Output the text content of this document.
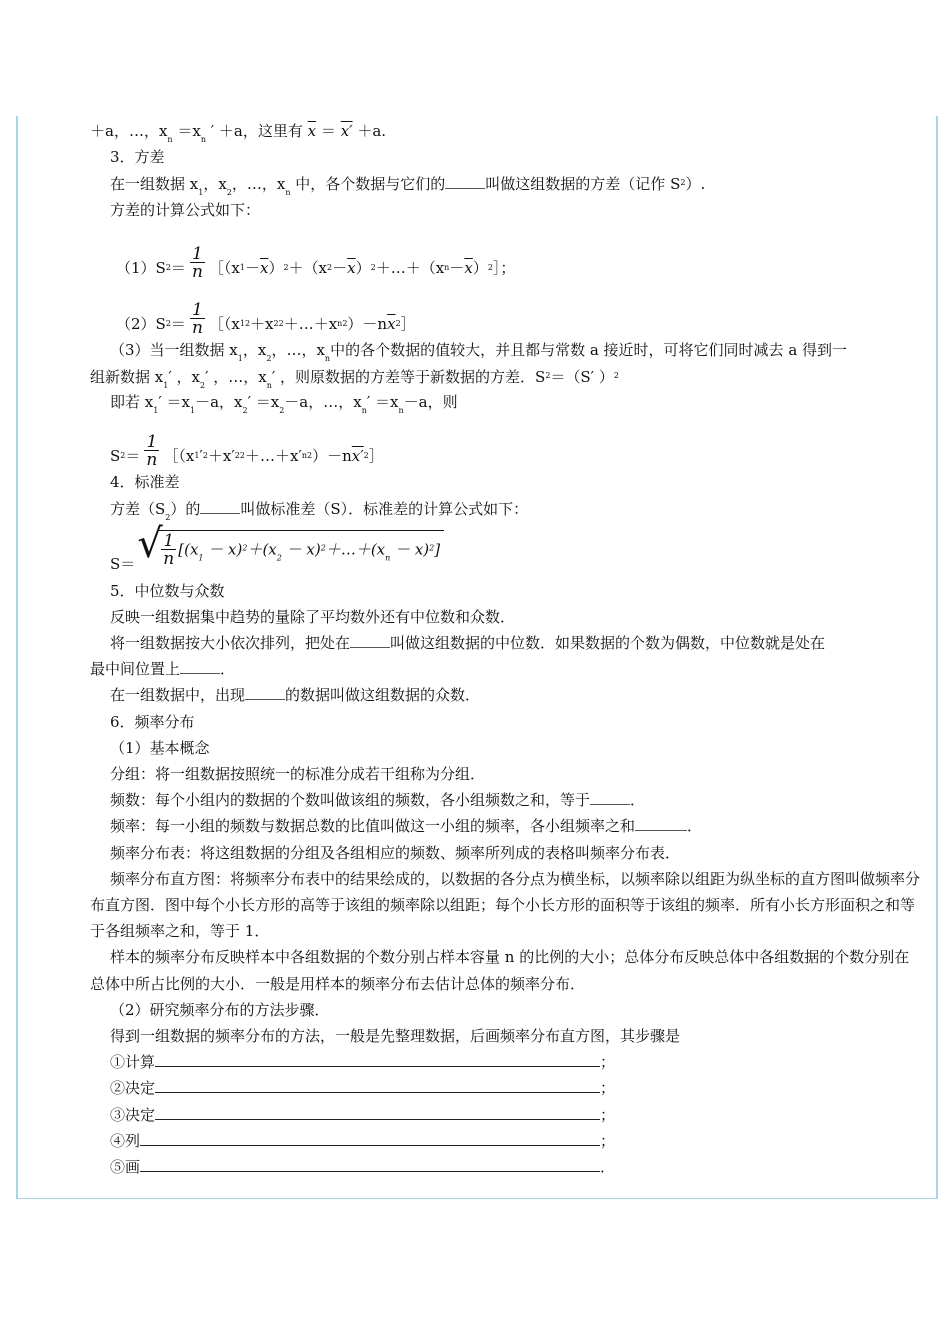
＋a，…，$x_n =x_n$ ′ ＋a，这里有 $\overline{x} = x' +a$.
3．方差
在一组数据 $x_1$，$x_2$，…，$x_n$ 中，各个数据与它们的	叫做这组数据的方差（记作 $S^2$）.
方差的计算公式如下：
（1）S $2 = \frac{1}{n}$ ［（x $1 - \overline{x}$ ） 2 ＋（x $2 - \overline{x}$ ） 2 ＋…＋（x $n - \overline{x}$ ） 2 ］；
（2）S $2 = \frac{1}{n}$ ［（x 1 2 ＋x 2 2 ＋…＋x n 2 ）－n $\overline{x}$ 2 ］
（3）当一组数据 $x_1$，$x_2$，…，$x_n$中的各个数据的值较大，并且都与常数 a 接近时，可将它们同时减去 a 得到一
组新数据 $x_1'$ ，$x_2'$ ，…，$x_n'$ ，则原数据的方差等于新数据的方差．$S^2=(S'$ ）$^2$
即若 $x_1' =x_1-a$，$x_2' =x_2-a$，…，$x_n' =x_n-a$，则
S $2 = \frac{1}{n}$ ［（x 1 ′ 2 ＋x′ 2 2 ＋…＋x′ n 2 ）－n x′ 2 ］
4．标准差
方差$(S_2)$的	叫做标准差（S）．标准差的计算公式如下：
S＝ √
$\frac{1}{n} [(x_1 - x)^2+(x_2$ － $x)^2+\dots+(x_n - x)^2$]
5．中位数与众数
反映一组数据集中趋势的量除了平均数外还有中位数和众数．
将一组数据按大小依次排列，把处在	叫做这组数据的中位数．如果数据的个数为偶数，中位数就是处在
最中间位置上	．
在一组数据中，出现	的数据叫做这组数据的众数．
6．频率分布
（1）基本概念
分组：将一组数据按照统一的标准分成若干组称为分组．
频数：每个小组内的数据的个数叫做该组的频数，各小组频数之和，等于	．
频率：每一小组的频数与数据总数的比值叫做这一小组的频率，各小组频率之和	．
频率分布表：将这组数据的分组及各组相应的频数、频率所列成的表格叫频率分布表．

频率分布直方图：将频率分布表中的结果绘成的，以数据的各分点为横坐标，以频率除以组距为纵坐标的直方图叫做频率分布直方图．图中每个小长方形的高等于该组的频率除以组距；每个小长方形的面积等于该组的频率．所有小长方形面积之和等于各组频率之和，等于 1．

样本的频率分布反映样本中各组数据的个数分别占样本容量 n 的比例的大小；总体分布反映总体中各组数据的个数分别在总体中所占比例的大小．一般是用样本的频率分布去估计总体的频率分布．

（2）研究频率分布的方法步骤．
得到一组数据的频率分布的方法，一般是先整理数据，后画频率分布直方图，其步骤是
①计算	；
②决定	；
③决定	；
④列	；
⑤画	．
